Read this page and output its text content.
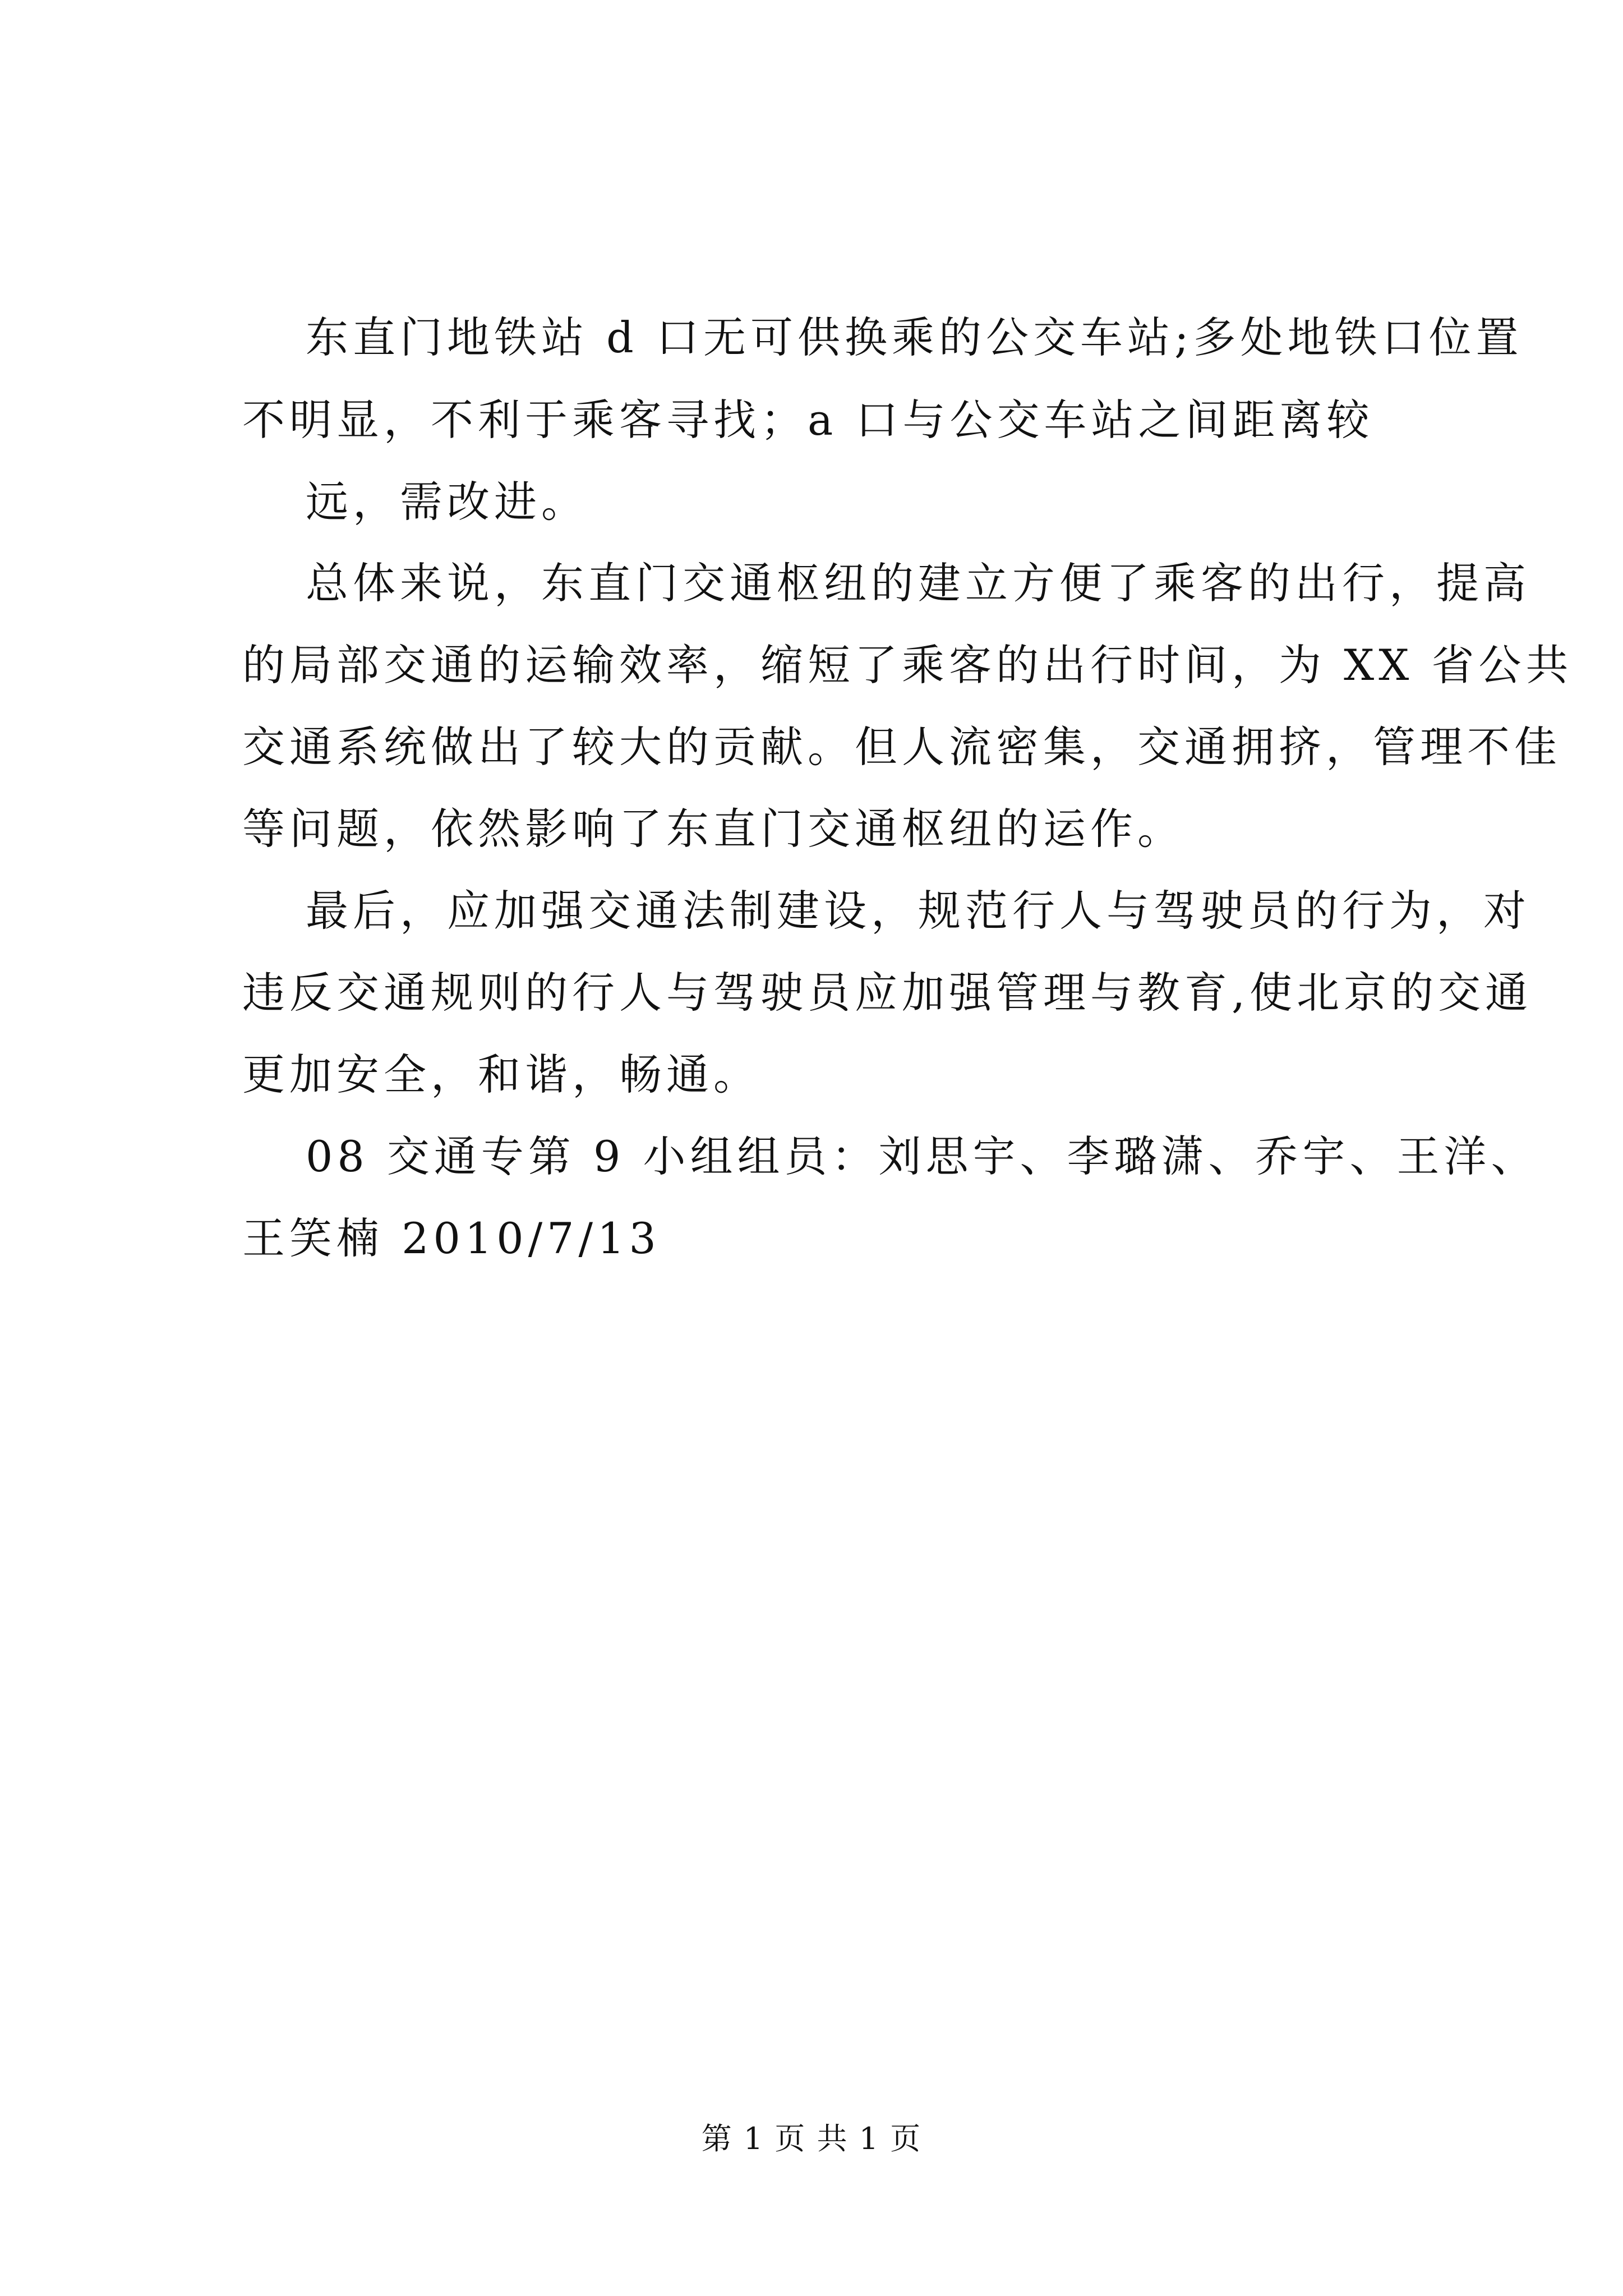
东直门地铁站 d 口无可供换乘的公交车站;多处地铁口位置
不明显，不利于乘客寻找；a 口与公交车站之间距离较
远，需改进。
总体来说，东直门交通枢纽的建立方便了乘客的出行，提高
的局部交通的运输效率，缩短了乘客的出行时间，为 XX 省公共
交通系统做出了较大的贡献。但人流密集，交通拥挤，管理不佳
等问题，依然影响了东直门交通枢纽的运作。
最后，应加强交通法制建设，规范行人与驾驶员的行为，对
违反交通规则的行人与驾驶员应加强管理与教育,使北京的交通
更加安全，和谐，畅通。
08 交通专第 9 小组组员：刘思宇、李璐潇、乔宇、王洋、
王笑楠 2010/7/13
第 1 页 共 1 页
